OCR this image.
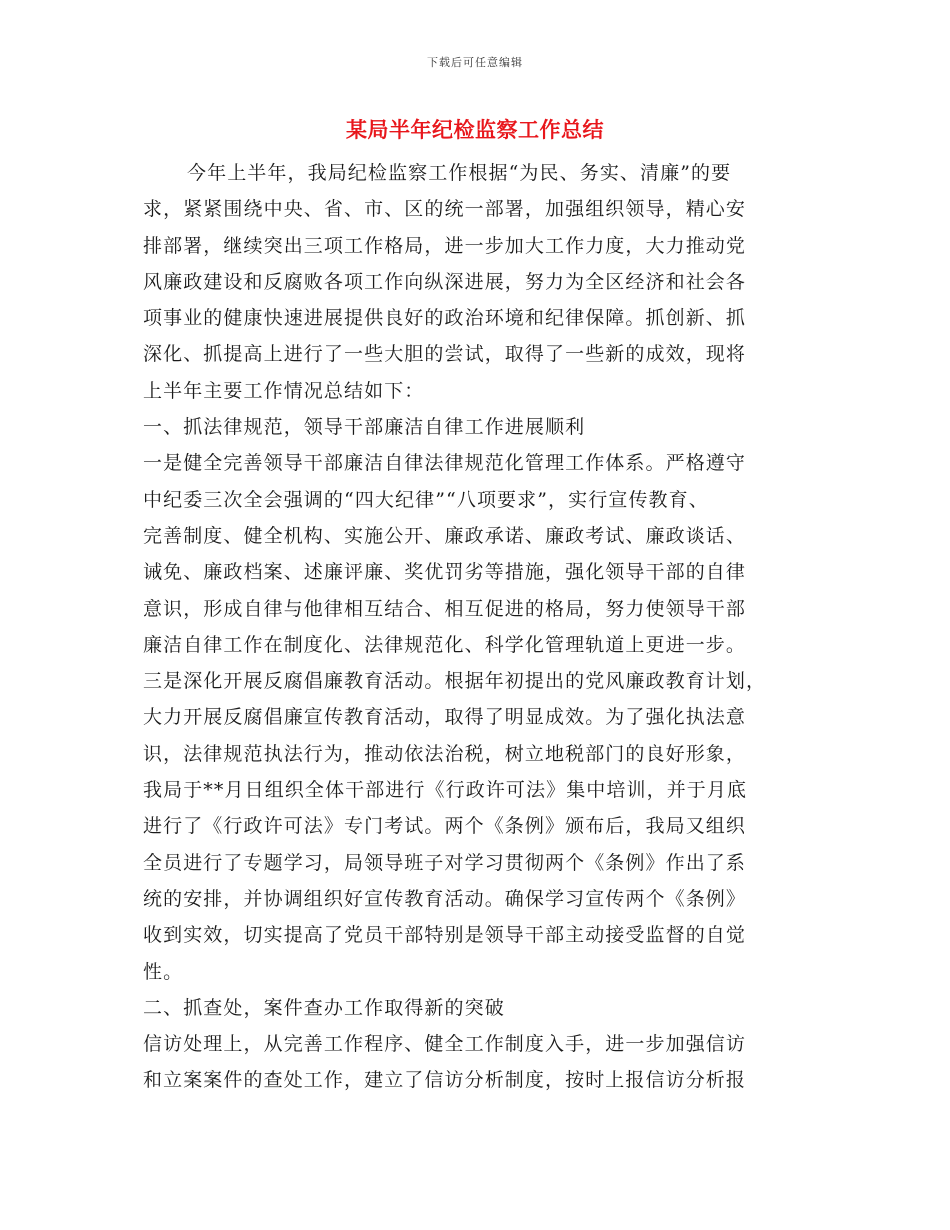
下载后可任意编辑
某局半年纪检监察工作总结
今年上半年，我局纪检监察工作根据“为民、务实、清廉”的要
求，紧紧围绕中央、省、市、区的统一部署，加强组织领导，精心安
排部署，继续突出三项工作格局，进一步加大工作力度，大力推动党
风廉政建设和反腐败各项工作向纵深进展，努力为全区经济和社会各
项事业的健康快速进展提供良好的政治环境和纪律保障。抓创新、抓
深化、抓提高上进行了一些大胆的尝试，取得了一些新的成效，现将
上半年主要工作情况总结如下：
一、抓法律规范，领导干部廉洁自律工作进展顺利
一是健全完善领导干部廉洁自律法律规范化管理工作体系。严格遵守
中纪委三次全会强调的“四大纪律”“八项要求”，实行宣传教育、
完善制度、健全机构、实施公开、廉政承诺、廉政考试、廉政谈话、
诫免、廉政档案、述廉评廉、奖优罚劣等措施，强化领导干部的自律
意识，形成自律与他律相互结合、相互促进的格局，努力使领导干部
廉洁自律工作在制度化、法律规范化、科学化管理轨道上更进一步。
三是深化开展反腐倡廉教育活动。根据年初提出的党风廉政教育计划，
大力开展反腐倡廉宣传教育活动，取得了明显成效。为了强化执法意
识，法律规范执法行为，推动依法治税，树立地税部门的良好形象，
我局于**月日组织全体干部进行《行政许可法》集中培训，并于月底
进行了《行政许可法》专门考试。两个《条例》颁布后，我局又组织
全员进行了专题学习，局领导班子对学习贯彻两个《条例》作出了系
统的安排，并协调组织好宣传教育活动。确保学习宣传两个《条例》
收到实效，切实提高了党员干部特别是领导干部主动接受监督的自觉
性。
二、抓查处，案件查办工作取得新的突破
信访处理上，从完善工作程序、健全工作制度入手，进一步加强信访
和立案案件的查处工作，建立了信访分析制度，按时上报信访分析报
